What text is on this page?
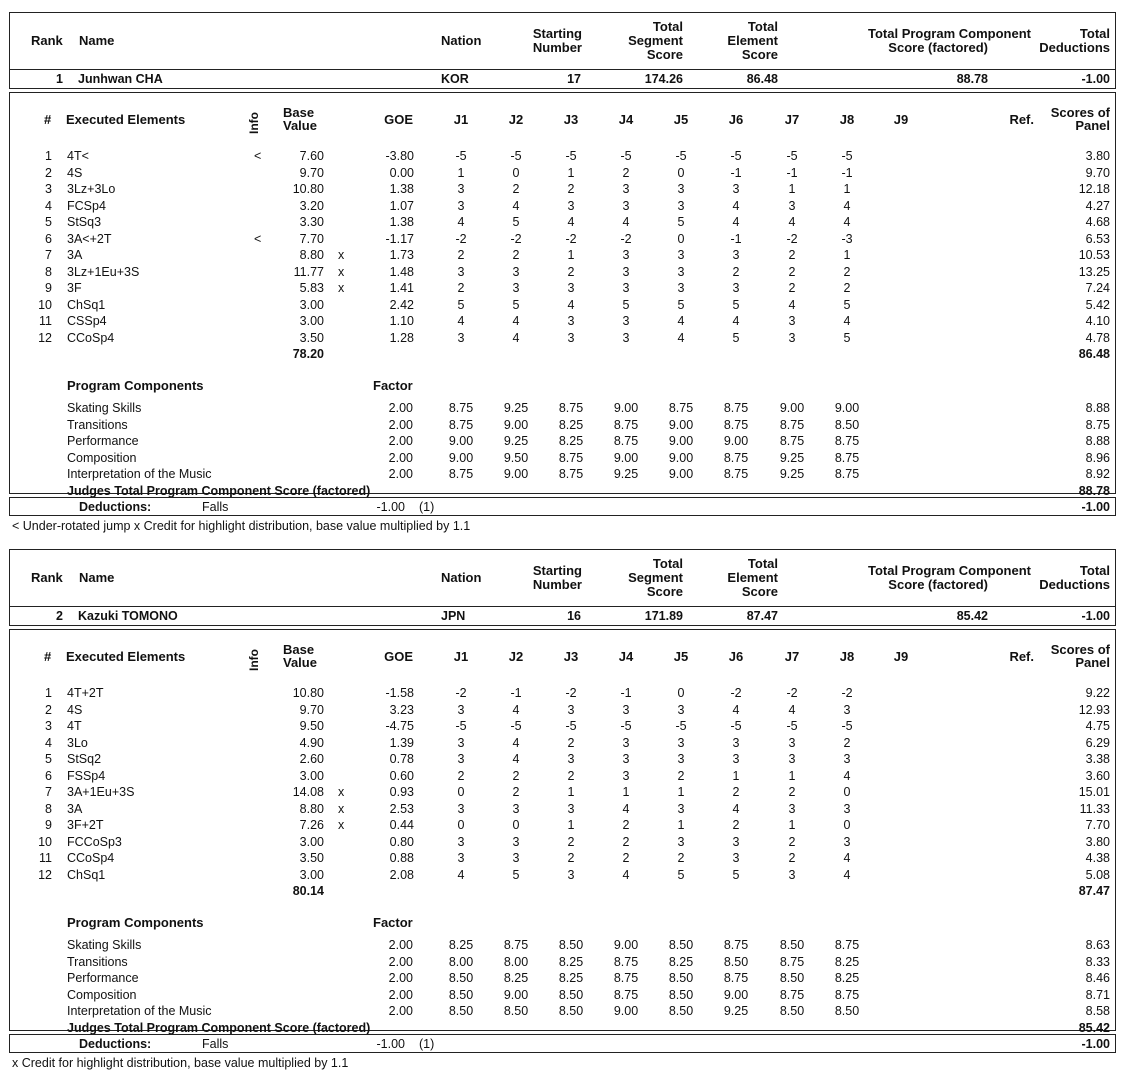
Rank Name	Nation	Starting
Number
Total
Segment
Score
Total
Element
Score
Total Program Component
Score (factored)
Total
Deductions
1 Junhwan CHA	KOR	17	174.26	86.48	88.78	-1.00
# Executed Elements	Info Base
Value	GOE	J1	J2	J3	J4	J5	J6	J7	J8	J9	Ref.	Scores of
Panel
1 4T<	<	7.60	-3.80	-5	-5	-5	-5	-5	-5	-5	-5	3.80
2 4S	9.70	0.00	1	0	1	2	0	-1	-1	-1	9.70
3 3Lz+3Lo	10.80	1.38	3	2	2	3	3	3	1	1	12.18
4 FCSp4	3.20	1.07	3	4	3	3	3	4	3	4	4.27
5 StSq3	3.30	1.38	4	5	4	4	5	4	4	4	4.68
6 3A<+2T	<	7.70	-1.17	-2	-2	-2	-2	0	-1	-2	-3	6.53
7 3A	8.80 x	1.73	2	2	1	3	3	3	2	1	10.53
8 3Lz+1Eu+3S	11.77 x	1.48	3	3	2	3	3	2	2	2	13.25
9 3F	5.83 x	1.41	2	3	3	3	3	3	2	2	7.24
10 ChSq1	3.00	2.42	5	5	4	5	5	5	4	5	5.42
11 CSSp4	3.00	1.10	4	4	3	3	4	4	3	4	4.10
12 CCoSp4	3.50	1.28	3	4	3	3	4	5	3	5	4.78
78.20	86.48
Program Components	Factor
Skating Skills	2.00	8.75	9.25	8.75	9.00	8.75	8.75	9.00	9.00	8.88
Transitions	2.00	8.75	9.00	8.25	8.75	9.00	8.75	8.75	8.50	8.75
Performance	2.00	9.00	9.25	8.25	8.75	9.00	9.00	8.75	8.75	8.88
Composition	2.00	9.00	9.50	8.75	9.00	9.00	8.75	9.25	8.75	8.96
Interpretation of the Music	2.00	8.75	9.00	8.75	9.25	9.00	8.75	9.25	8.75	8.92
Judges Total Program Component Score (factored)	88.78
Deductions:	Falls	-1.00 (1)	-1.00
< Under-rotated jump x Credit for highlight distribution, base value multiplied by 1.1
Rank Name	Nation	Starting
Number
Total
Segment
Score
Total
Element
Score
Total Program Component
Score (factored)
Total
Deductions
2 Kazuki TOMONO	JPN	16	171.89	87.47	85.42	-1.00
# Executed Elements	Info Base
Value	GOE	J1	J2	J3	J4	J5	J6	J7	J8	J9	Ref.	Scores of
Panel
1 4T+2T	10.80	-1.58	-2	-1	-2	-1	0	-2	-2	-2	9.22
2 4S	9.70	3.23	3	4	3	3	3	4	4	3	12.93
3 4T	9.50	-4.75	-5	-5	-5	-5	-5	-5	-5	-5	4.75
4 3Lo	4.90	1.39	3	4	2	3	3	3	3	2	6.29
5 StSq2	2.60	0.78	3	4	3	3	3	3	3	3	3.38
6 FSSp4	3.00	0.60	2	2	2	3	2	1	1	4	3.60
7 3A+1Eu+3S	14.08 x	0.93	0	2	1	1	1	2	2	0	15.01
8 3A	8.80 x	2.53	3	3	3	4	3	4	3	3	11.33
9 3F+2T	7.26 x	0.44	0	0	1	2	1	2	1	0	7.70
10 FCCoSp3	3.00	0.80	3	3	2	2	3	3	2	3	3.80
11 CCoSp4	3.50	0.88	3	3	2	2	2	3	2	4	4.38
12 ChSq1	3.00	2.08	4	5	3	4	5	5	3	4	5.08
80.14	87.47
Program Components	Factor
Skating Skills	2.00	8.25	8.75	8.50	9.00	8.50	8.75	8.50	8.75	8.63
Transitions	2.00	8.00	8.00	8.25	8.75	8.25	8.50	8.75	8.25	8.33
Performance	2.00	8.50	8.25	8.25	8.75	8.50	8.75	8.50	8.25	8.46
Composition	2.00	8.50	9.00	8.50	8.75	8.50	9.00	8.75	8.75	8.71
Interpretation of the Music	2.00	8.50	8.50	8.50	9.00	8.50	9.25	8.50	8.50	8.58
Judges Total Program Component Score (factored)	85.42
Deductions:	Falls	-1.00 (1)	-1.00
x Credit for highlight distribution, base value multiplied by 1.1
